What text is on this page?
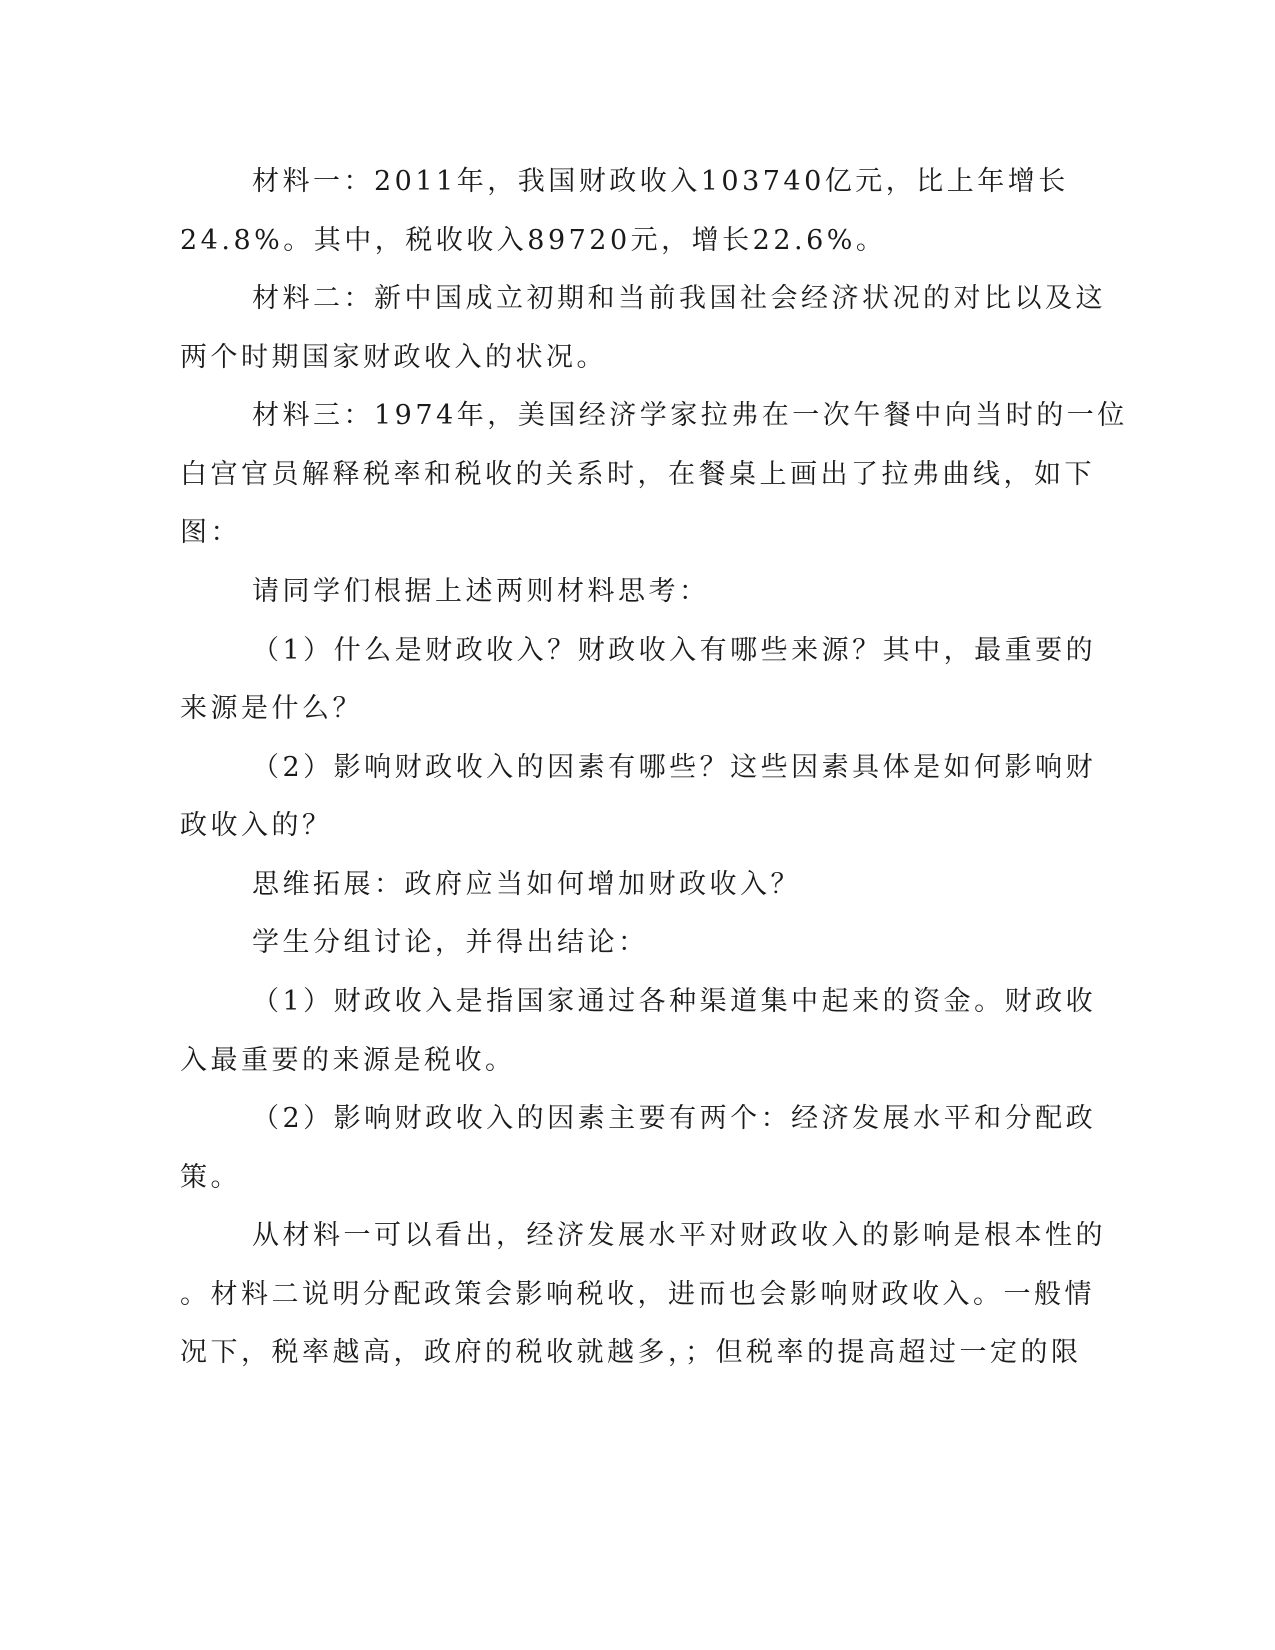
材料一：2011年，我国财政收入103740亿元，比上年增长
24.8%。其中，税收收入89720元，增长22.6%。
材料二：新中国成立初期和当前我国社会经济状况的对比以及这
两个时期国家财政收入的状况。
材料三：1974年，美国经济学家拉弗在一次午餐中向当时的一位
白宫官员解释税率和税收的关系时，在餐桌上画出了拉弗曲线，如下
图：
请同学们根据上述两则材料思考：
（1）什么是财政收入？财政收入有哪些来源？其中，最重要的
来源是什么？
（2）影响财政收入的因素有哪些？这些因素具体是如何影响财
政收入的？
思维拓展：政府应当如何增加财政收入？
学生分组讨论，并得出结论：
（1）财政收入是指国家通过各种渠道集中起来的资金。财政收
入最重要的来源是税收。
（2）影响财政收入的因素主要有两个：经济发展水平和分配政
策。
从材料一可以看出，经济发展水平对财政收入的影响是根本性的
。材料二说明分配政策会影响税收，进而也会影响财政收入。一般情
况下，税率越高，政府的税收就越多，；但税率的提高超过一定的限
